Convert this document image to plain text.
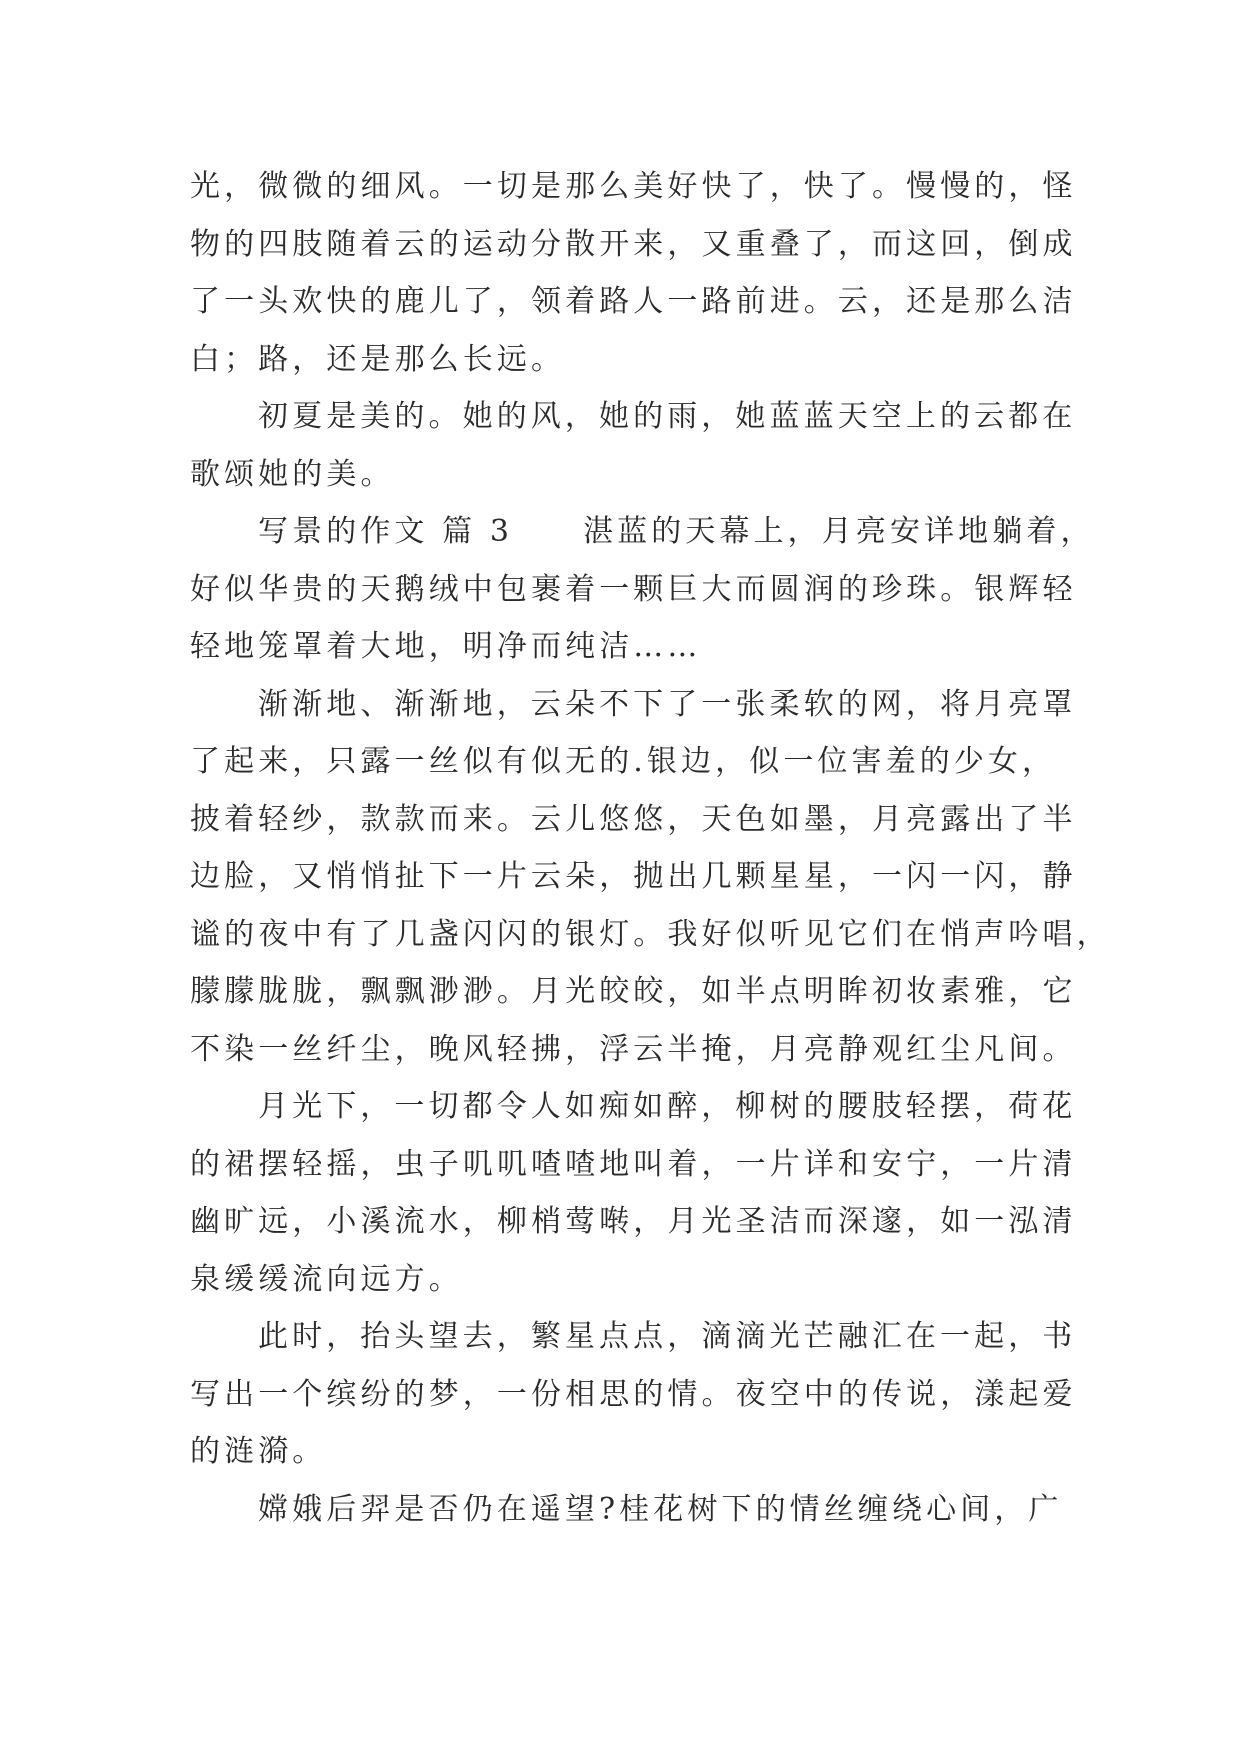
光，微微的细风。一切是那么美好快了，快了。慢慢的，怪
物的四肢随着云的运动分散开来，又重叠了，而这回，倒成
了一头欢快的鹿儿了，领着路人一路前进。云，还是那么洁
白；路，还是那么长远。
初夏是美的。她的风，她的雨，她蓝蓝天空上的云都在
歌颂她的美。
写景的作文 篇 3 湛蓝的天幕上，月亮安详地躺着，
好似华贵的天鹅绒中包裹着一颗巨大而圆润的珍珠。银辉轻
轻地笼罩着大地，明净而纯洁……
渐渐地、渐渐地，云朵不下了一张柔软的网，将月亮罩
了起来，只露一丝似有似无的.银边，似一位害羞的少女，
披着轻纱，款款而来。云儿悠悠，天色如墨，月亮露出了半
边脸，又悄悄扯下一片云朵，抛出几颗星星，一闪一闪，静
谧的夜中有了几盏闪闪的银灯。我好似听见它们在悄声吟唱，
朦朦胧胧，飘飘渺渺。月光皎皎，如半点明眸初妆素雅，它
不染一丝纤尘，晚风轻拂，浮云半掩，月亮静观红尘凡间。
月光下，一切都令人如痴如醉，柳树的腰肢轻摆，荷花
的裙摆轻摇，虫子叽叽喳喳地叫着，一片详和安宁，一片清
幽旷远，小溪流水，柳梢莺啭，月光圣洁而深邃，如一泓清
泉缓缓流向远方。
此时，抬头望去，繁星点点，滴滴光芒融汇在一起，书
写出一个缤纷的梦，一份相思的情。夜空中的传说，漾起爱
的涟漪。
嫦娥后羿是否仍在遥望?桂花树下的情丝缠绕心间，广
